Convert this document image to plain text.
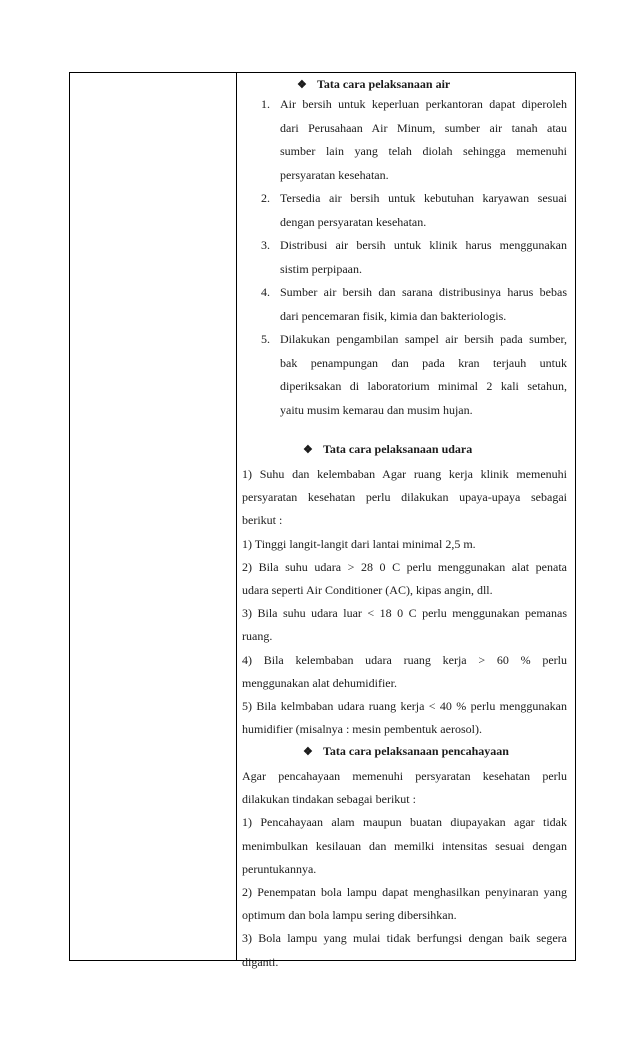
❖ Tata cara pelaksanaan air
1. Air bersih untuk keperluan perkantoran dapat diperoleh
dari Perusahaan Air Minum, sumber air tanah atau
sumber lain yang telah diolah sehingga memenuhi
persyaratan kesehatan.
2. Tersedia air bersih untuk kebutuhan karyawan sesuai
dengan persyaratan kesehatan.
3. Distribusi air bersih untuk klinik harus menggunakan
sistim perpipaan.
4. Sumber air bersih dan sarana distribusinya harus bebas
dari pencemaran fisik, kimia dan bakteriologis.
5. Dilakukan pengambilan sampel air bersih pada sumber,
bak penampungan dan pada kran terjauh untuk
diperiksakan di laboratorium minimal 2 kali setahun,
yaitu musim kemarau dan musim hujan.
❖ Tata cara pelaksanaan udara
1) Suhu dan kelembaban Agar ruang kerja klinik memenuhi
persyaratan kesehatan perlu dilakukan upaya-upaya sebagai
berikut :
1) Tinggi langit-langit dari lantai minimal 2,5 m.
2) Bila suhu udara > 28 0 C perlu menggunakan alat penata
udara seperti Air Conditioner (AC), kipas angin, dll.
3) Bila suhu udara luar < 18 0 C perlu menggunakan pemanas
ruang.
4) Bila kelembaban udara ruang kerja > 60 % perlu
menggunakan alat dehumidifier.
5) Bila kelmbaban udara ruang kerja < 40 % perlu menggunakan
humidifier (misalnya : mesin pembentuk aerosol).
❖ Tata cara pelaksanaan pencahayaan
Agar pencahayaan memenuhi persyaratan kesehatan perlu
dilakukan tindakan sebagai berikut :
1) Pencahayaan alam maupun buatan diupayakan agar tidak
menimbulkan kesilauan dan memilki intensitas sesuai dengan
peruntukannya.
2) Penempatan bola lampu dapat menghasilkan penyinaran yang
optimum dan bola lampu sering dibersihkan.
3) Bola lampu yang mulai tidak berfungsi dengan baik segera
diganti.
